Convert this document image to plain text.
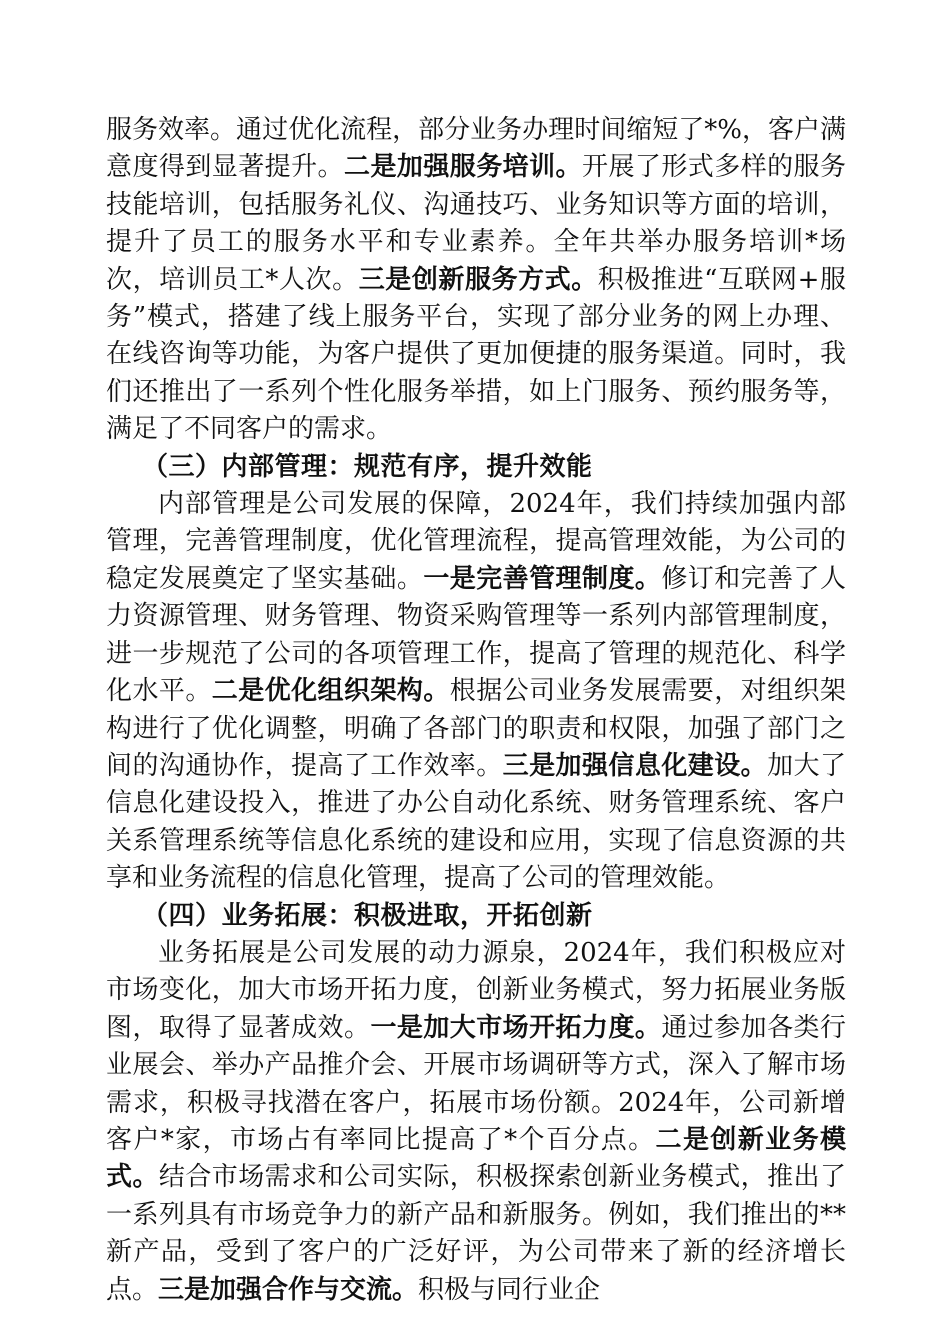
服务效率。通过优化流程，部分业务办理时间缩短了*%，客户满意度得到显著提升。二是加强服务培训。开展了形式多样的服务技能培训，包括服务礼仪、沟通技巧、业务知识等方面的培训，提升了员工的服务水平和专业素养。全年共举办服务培训*场次，培训员工*人次。三是创新服务方式。积极推进“互联网+服务”模式，搭建了线上服务平台，实现了部分业务的网上办理、在线咨询等功能，为客户提供了更加便捷的服务渠道。同时，我们还推出了一系列个性化服务举措，如上门服务、预约服务等，满足了不同客户的需求。

（三）内部管理：规范有序，提升效能

内部管理是公司发展的保障，2024年，我们持续加强内部管理，完善管理制度，优化管理流程，提高管理效能，为公司的稳定发展奠定了坚实基础。一是完善管理制度。修订和完善了人力资源管理、财务管理、物资采购管理等一系列内部管理制度，进一步规范了公司的各项管理工作，提高了管理的规范化、科学化水平。二是优化组织架构。根据公司业务发展需要，对组织架构进行了优化调整，明确了各部门的职责和权限，加强了部门之间的沟通协作，提高了工作效率。三是加强信息化建设。加大了信息化建设投入，推进了办公自动化系统、财务管理系统、客户关系管理系统等信息化系统的建设和应用，实现了信息资源的共享和业务流程的信息化管理，提高了公司的管理效能。

（四）业务拓展：积极进取，开拓创新

业务拓展是公司发展的动力源泉，2024年，我们积极应对市场变化，加大市场开拓力度，创新业务模式，努力拓展业务版图，取得了显著成效。一是加大市场开拓力度。通过参加各类行业展会、举办产品推介会、开展市场调研等方式，深入了解市场需求，积极寻找潜在客户，拓展市场份额。2024年，公司新增客户*家，市场占有率同比提高了*个百分点。二是创新业务模式。结合市场需求和公司实际，积极探索创新业务模式，推出了一系列具有市场竞争力的新产品和新服务。例如，我们推出的**新产品，受到了客户的广泛好评，为公司带来了新的经济增长点。三是加强合作与交流。积极与同行业企
